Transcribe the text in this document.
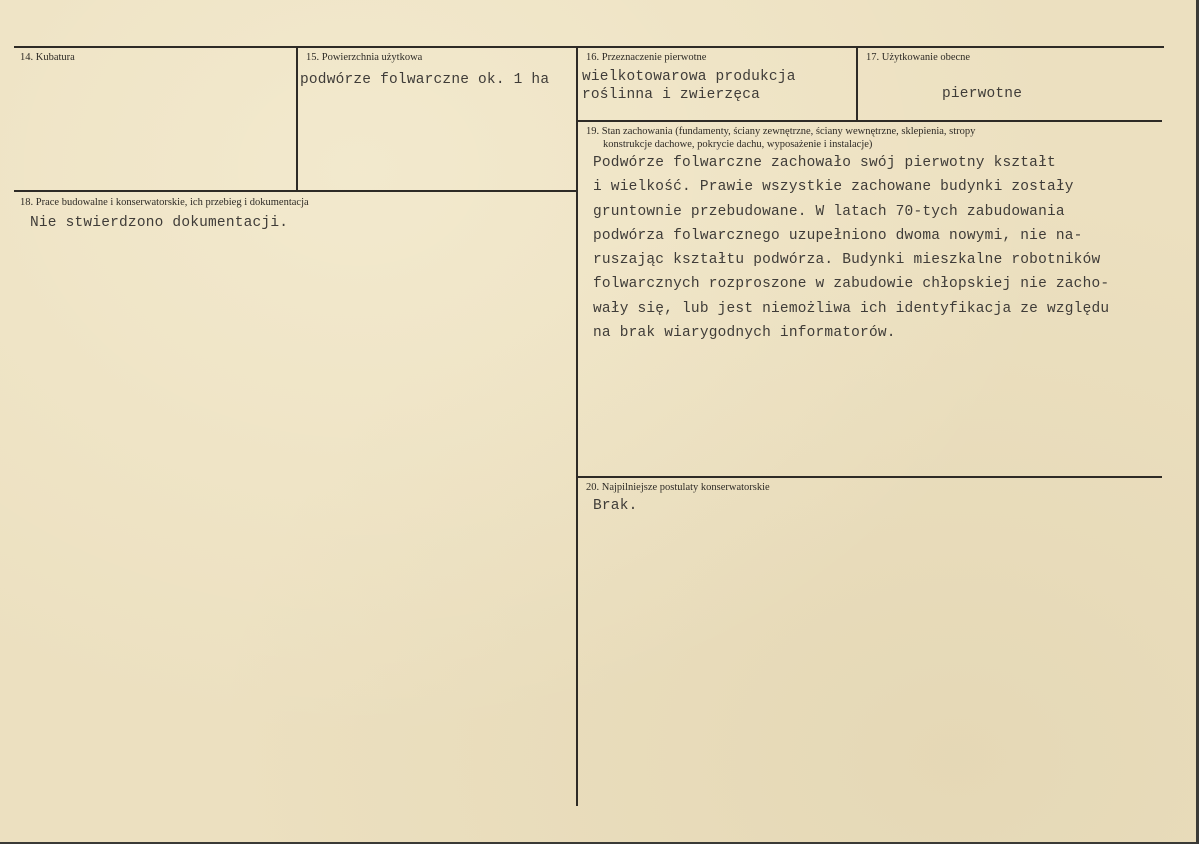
14. Kubatura	15. Powierzchnia użytkowa
podwórze folwarczne ok. 1 ha
16. Przeznaczenie pierwotne
wielkotowarowa produkcja
roślinna i zwierzęca
17. Użytkowanie obecne
pierwotne
18. Prace budowalne i konserwatorskie, ich przebieg i dokumentacja
Nie stwierdzono dokumentacji.
19. Stan zachowania (fundamenty, ściany zewnętrzne, ściany wewnętrzne, sklepienia, stropy
konstrukcje dachowe, pokrycie dachu, wyposażenie i instalacje)
Podwórze folwarczne zachowało swój pierwotny kształt
i wielkość. Prawie wszystkie zachowane budynki zostały
gruntownie przebudowane. W latach 70-tych zabudowania
podwórza folwarcznego uzupełniono dwoma nowymi, nie na-
ruszając kształtu podwórza. Budynki mieszkalne robotników
folwarcznych rozproszone w zabudowie chłopskiej nie zacho-
wały się, lub jest niemożliwa ich identyfikacja ze względu
na brak wiarygodnych informatorów.
20. Najpilniejsze postulaty konserwatorskie
Brak.
